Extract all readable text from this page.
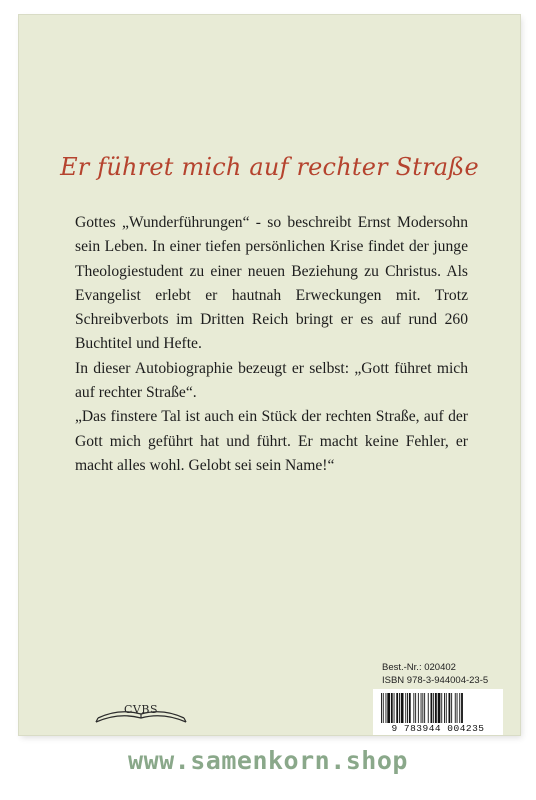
Er führet mich auf rechter Straße

Gottes „Wunderführungen“ - so beschreibt Ernst Modersohn sein Leben. In einer tiefen persönlichen Krise findet der junge Theologiestudent zu einer neuen Beziehung zu Christus. Als Evangelist erlebt er hautnah Erweckungen mit. Trotz Schreibverbots im Dritten Reich bringt er es auf rund 260 Buchtitel und Hefte.

In dieser Autobiographie bezeugt er selbst: „Gott führet mich auf rechter Straße“.

„Das finstere Tal ist auch ein Stück der rechten Straße, auf der Gott mich geführt hat und führt. Er macht keine Fehler, er macht alles wohl. Gelobt sei sein Name!“

CVBS
Best.-Nr.: 020402
ISBN 978-3-944004-23-5
9 783944 004235
www.samenkorn.shop
